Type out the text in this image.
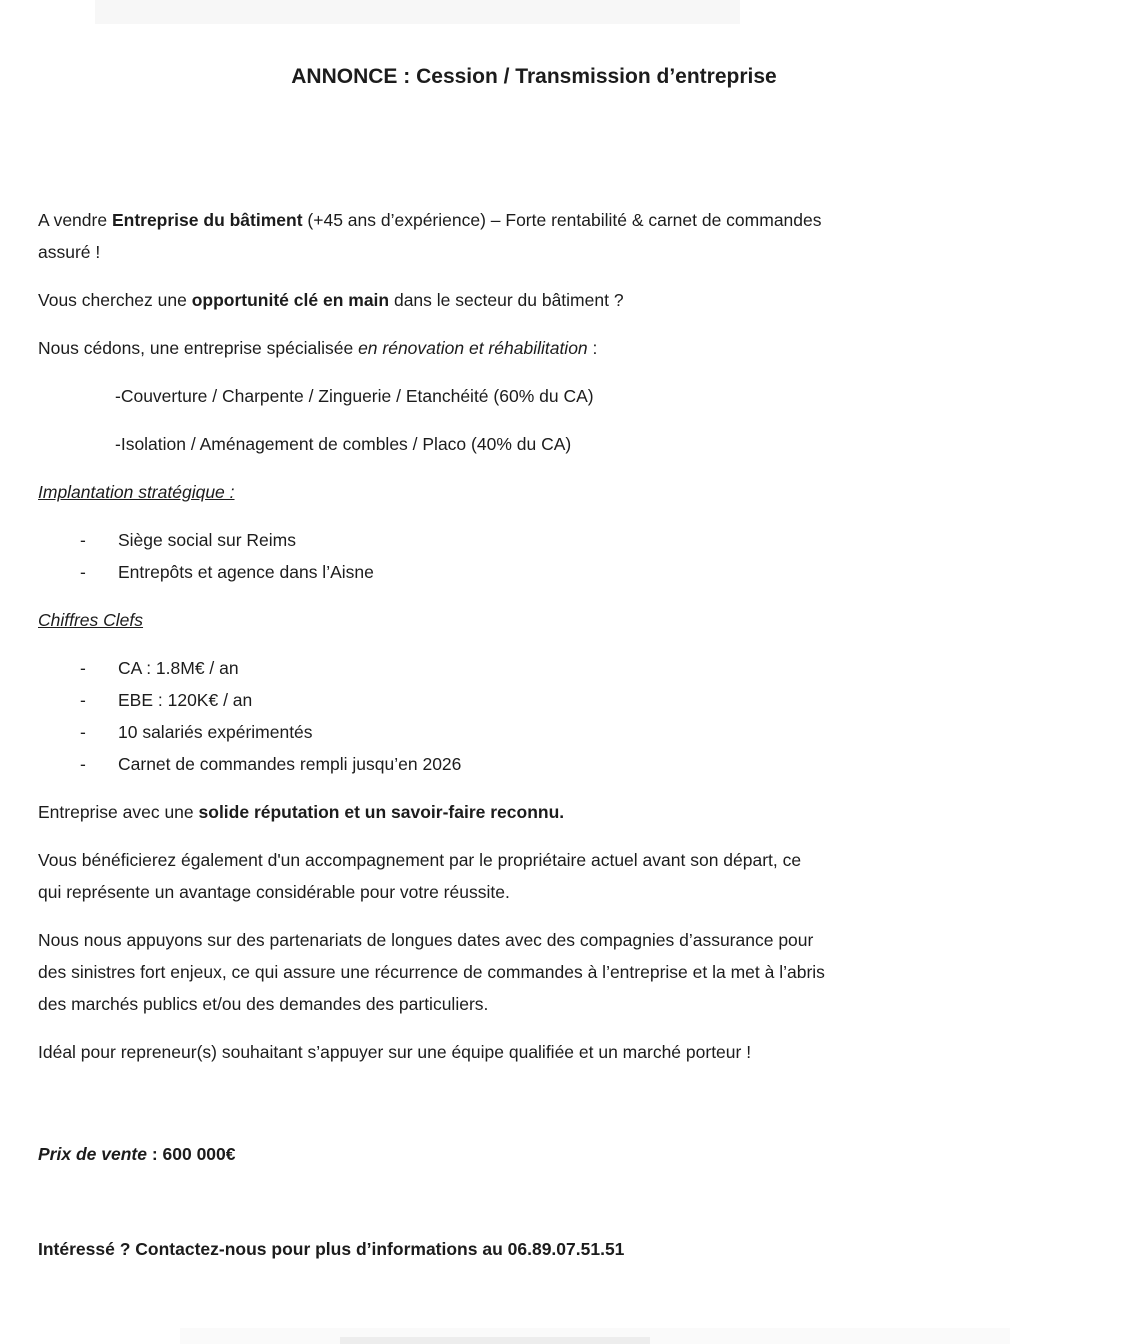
ANNONCE : Cession / Transmission d’entreprise
A vendre Entreprise du bâtiment (+45 ans d’expérience) – Forte rentabilité & carnet de commandes
assuré !
Vous cherchez une opportunité clé en main dans le secteur du bâtiment ?
Nous cédons, une entreprise spécialisée en rénovation et réhabilitation :
-Couverture / Charpente / Zinguerie / Etanchéité (60% du CA)
-Isolation / Aménagement de combles / Placo (40% du CA)
Implantation stratégique :
-	Siège social sur Reims
-	Entrepôts et agence dans l’Aisne
Chiffres Clefs
-	CA : 1.8M€ / an
-	EBE : 120K€ / an
-	10 salariés expérimentés
-	Carnet de commandes rempli jusqu’en 2026
Entreprise avec une solide réputation et un savoir-faire reconnu.
Vous bénéficierez également d'un accompagnement par le propriétaire actuel avant son départ, ce
qui représente un avantage considérable pour votre réussite.
Nous nous appuyons sur des partenariats de longues dates avec des compagnies d’assurance pour
des sinistres fort enjeux, ce qui assure une récurrence de commandes à l’entreprise et la met à l’abris
des marchés publics et/ou des demandes des particuliers.
Idéal pour repreneur(s) souhaitant s’appuyer sur une équipe qualifiée et un marché porteur !
Prix de vente : 600 000€
Intéressé ? Contactez-nous pour plus d’informations au 06.89.07.51.51
